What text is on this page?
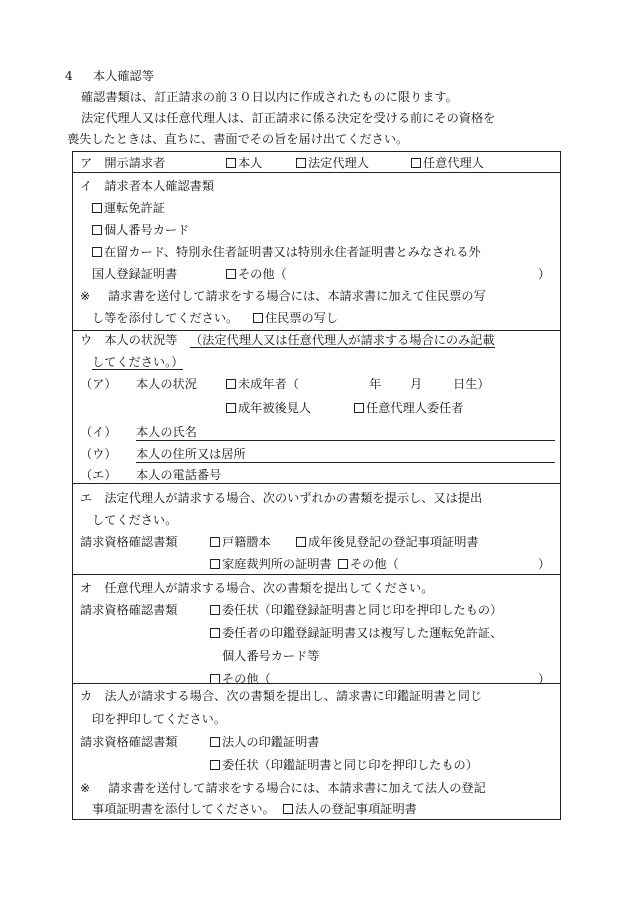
4 本人確認等
確認書類は、訂正請求の前３０日以内に作成されたものに限ります。
法定代理人又は任意代理人は、訂正請求に係る決定を受ける前にその資格を
喪失したときは、直ちに、書面でその旨を届け出てください。
ア　開示請求者	本人	法定代理人	任意代理人
イ　請求者本人確認書類
運転免許証
個人番号カード
在留カード、特別永住者証明書又は特別永住者証明書とみなされる外
国人登録証明書	その他（	）
※ 請求書を送付して請求をする場合には、本請求書に加えて住民票の写
し等を添付してください。	住民票の写し
ウ　本人の状況等 （法定代理人又は任意代理人が請求する場合にのみ記載
してください。）
（ア） 本人の状況	未成年者（	年 月	日生）
成年被後見人	任意代理人委任者
（イ） 本人の氏名
（ウ） 本人の住所又は居所
（エ） 本人の電話番号
エ　法定代理人が請求する場合、次のいずれかの書類を提示し、又は提出
してください。
請求資格確認書類	戸籍謄本	成年後見登記の登記事項証明書
家庭裁判所の証明書	その他（	）
オ　任意代理人が請求する場合、次の書類を提出してください。
請求資格確認書類	委任状（印鑑登録証明書と同じ印を押印したもの）
委任者の印鑑登録証明書又は複写した運転免許証、
個人番号カード等
その他（	）
カ　法人が請求する場合、次の書類を提出し、請求書に印鑑証明書と同じ
印を押印してください。
請求資格確認書類	法人の印鑑証明書
委任状（印鑑証明書と同じ印を押印したもの）
※ 請求書を送付して請求をする場合には、本請求書に加えて法人の登記
事項証明書を添付してください。	法人の登記事項証明書
